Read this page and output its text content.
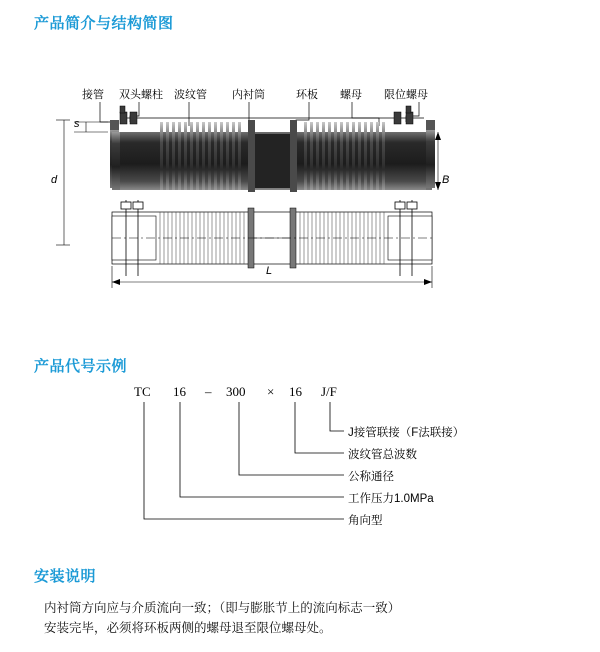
产品简介与结构简图
接管 双头螺柱 波纹管 内衬筒	环板 螺母 限位螺母
s
d	B
L
产品代号示例
TC 16 – 300 × 16 J/F
J接管联接（F法联接）
波纹管总波数
公称通径
工作压力1.0MPa
角向型
安装说明
内衬筒方向应与介质流向一致；（即与膨胀节上的流向标志一致）
安装完毕，必须将环板两侧的螺母退至限位螺母处。
